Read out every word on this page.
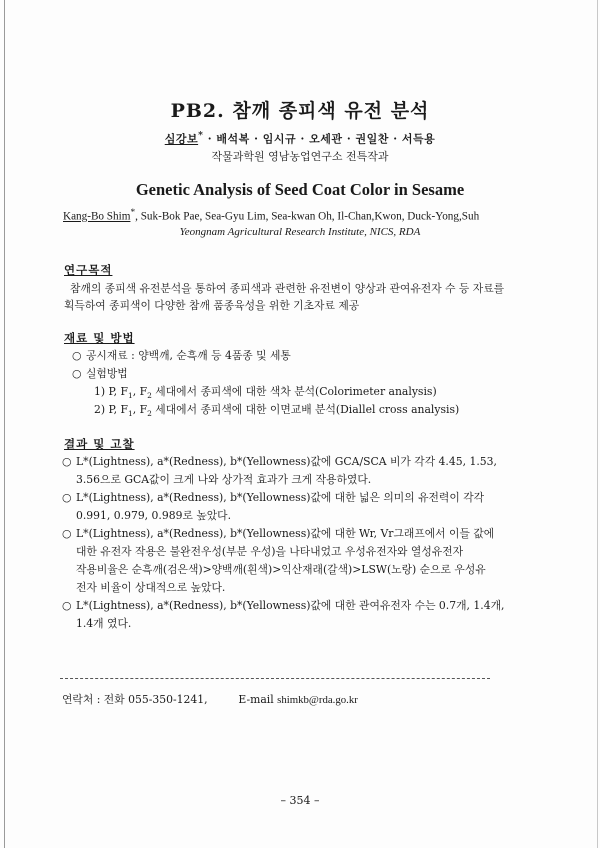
PB2. 참깨 종피색 유전 분석
심강보* · 배석복 · 임시규 · 오세관 · 권일찬 · 서득용
작물과학원 영남농업연구소 전특작과
Genetic Analysis of Seed Coat Color in Sesame
Kang-Bo Shim*, Suk-Bok Pae, Sea-Gyu Lim, Sea-kwan Oh, Il-Chan,Kwon, Duck-Yong,Suh
Yeongnam Agricultural Research Institute, NICS, RDA
연구목적
참깨의 종피색 유전분석을 통하여 종피색과 관련한 유전변이 양상과 관여유전자 수 등 자료를 획득하여 종피색이 다양한 참깨 품종육성을 위한 기초자료 제공
재료 및 방법
○ 공시재료 : 양백깨, 순흑깨 등 4품종 및 세통
○ 실험방법
1) P, $F_1$, $F_2$ 세대에서 종피색에 대한 색차 분석(Colorimeter analysis)
2) P, $F_1$, $F_2$ 세대에서 종피색에 대한 이면교배 분석(Diallel cross analysis)
결과 및 고찰
○ L*(Lightness), a*(Redness), b*(Yellowness)값에 GCA/SCA 비가 각각 4.45, 1.53,
3.56으로 GCA값이 크게 나와 상가적 효과가 크게 작용하였다.
○ L*(Lightness), a*(Redness), b*(Yellowness)값에 대한 넓은 의미의 유전력이 각각
0.991, 0.979, 0.989로 높았다.
○ L*(Lightness), a*(Redness), b*(Yellowness)값에 대한 Wr, Vr그래프에서 이들 값에
대한 유전자 작용은 불완전우성(부분 우성)을 나타내었고 우성유전자와 열성유전자
작용비율은 순흑깨(검은색)>양백깨(흰색)>익산재래(갈색)>LSW(노랑) 순으로 우성유
전자 비율이 상대적으로 높았다.
○ L*(Lightness), a*(Redness), b*(Yellowness)값에 대한 관여유전자 수는 0.7개, 1.4개,
1.4개 였다.
연락처 : 전화 055-350-1241,	E-mail shimkb@rda.go.kr
– 354 –
